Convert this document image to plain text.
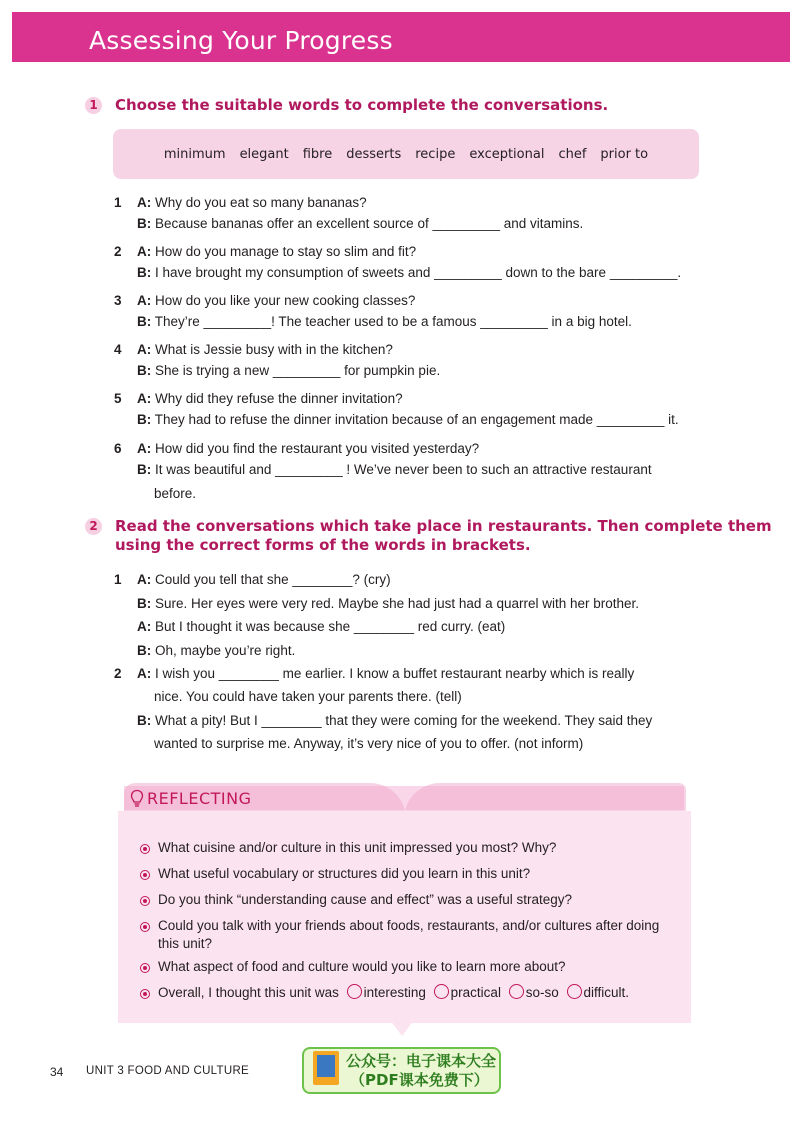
Assessing Your Progress
1 Choose the suitable words to complete the conversations.
minimum elegant fibre desserts recipe exceptional chef prior to
1 A: Why do you eat so many bananas?
B: Because bananas offer an excellent source of _________ and vitamins.
2 A: How do you manage to stay so slim and fit?
B: I have brought my consumption of sweets and _________ down to the bare _________.
3 A: How do you like your new cooking classes?
B: They’re _________! The teacher used to be a famous _________ in a big hotel.
4 A: What is Jessie busy with in the kitchen?
B: She is trying a new _________ for pumpkin pie.
5 A: Why did they refuse the dinner invitation?
B: They had to refuse the dinner invitation because of an engagement made _________ it.
6 A: How did you find the restaurant you visited yesterday?
B: It was beautiful and _________ ! We’ve never been to such an attractive restaurant
before.
2 Read the conversations which take place in restaurants. Then complete them
using the correct forms of the words in brackets.
1 A: Could you tell that she ________? (cry)
B: Sure. Her eyes were very red. Maybe she had just had a quarrel with her brother.
A: But I thought it was because she ________ red curry. (eat)
B: Oh, maybe you’re right.
2 A: I wish you ________ me earlier. I know a buffet restaurant nearby which is really
nice. You could have taken your parents there. (tell)
B: What a pity! But I ________ that they were coming for the weekend. They said they
wanted to surprise me. Anyway, it’s very nice of you to offer. (not inform)
REFLECTING
What cuisine and/or culture in this unit impressed you most? Why?
What useful vocabulary or structures did you learn in this unit?
Do you think “understanding cause and effect” was a useful strategy?
Could you talk with your friends about foods, restaurants, and/or cultures after doing
this unit?
What aspect of food and culture would you like to learn more about?
Overall, I thought this unit was interesting practical so-so difficult.
34 UNIT 3 FOOD AND CULTURE
公众号：电子课本大全
（PDF课本免费下）
